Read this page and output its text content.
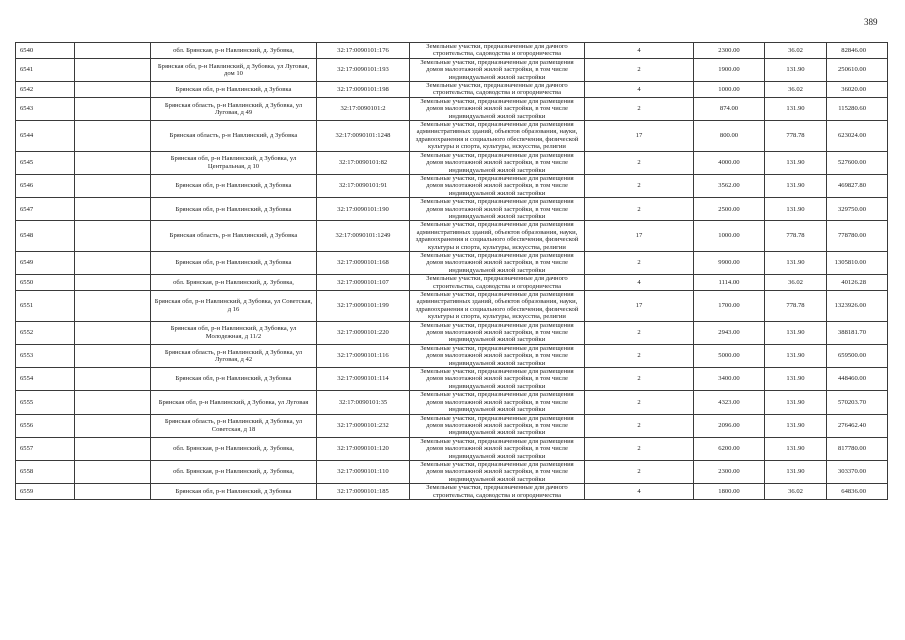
389
6540		обл. Брянская, р-н Навлинский, д. Зубовка,	32:17:0090101:176	Земельные участки, предназначенные для дачного строительства, садоводства и огородничества	4	2300.00	36.02	82846.00
6541		Брянская обл, р-н Навлинский, д Зубовка, ул Луговая, дом 10	32:17:0090101:193	Земельные участки, предназначенные для размещения домов малоэтажной жилой застройки, в том числе индивидуальной жилой застройки	2	1900.00	131.90	250610.00
6542		Брянская обл, р-н Навлинский, д Зубовка	32:17:0090101:198	Земельные участки, предназначенные для дачного строительства, садоводства и огородничества	4	1000.00	36.02	36020.00
6543		Брянская область, р-н Навлинский, д Зубовка, ул Луговая, д 49	32:17:0090101:2	Земельные участки, предназначенные для размещения домов малоэтажной жилой застройки, в том числе индивидуальной жилой застройки	2	874.00	131.90	115280.60
6544		Брянская область, р-н Навлинский, д Зубовка	32:17:0090101:1248	Земельные участки, предназначенные для размещения административных зданий, объектов образования, науки, здравоохранения и социального обеспечения, физической культуры и спорта, культуры, искусства, религии	17	800.00	778.78	623024.00
6545		Брянская обл, р-н Навлинский, д Зубовка, ул Центральная, д 10	32:17:0090101:82	Земельные участки, предназначенные для размещения домов малоэтажной жилой застройки, в том числе индивидуальной жилой застройки	2	4000.00	131.90	527600.00
6546		Брянская обл, р-н Навлинский, д Зубовка	32:17:0090101:91	Земельные участки, предназначенные для размещения домов малоэтажной жилой застройки, в том числе индивидуальной жилой застройки	2	3562.00	131.90	469827.80
6547		Брянская обл, р-н Навлинский, д Зубовка	32:17:0090101:190	Земельные участки, предназначенные для размещения домов малоэтажной жилой застройки, в том числе индивидуальной жилой застройки	2	2500.00	131.90	329750.00
6548		Брянская область, р-н Навлинский, д Зубовка	32:17:0090101:1249	Земельные участки, предназначенные для размещения административных зданий, объектов образования, науки, здравоохранения и социального обеспечения, физической культуры и спорта, культуры, искусства, религии	17	1000.00	778.78	778780.00
6549		Брянская обл, р-н Навлинский, д Зубовка	32:17:0090101:168	Земельные участки, предназначенные для размещения домов малоэтажной жилой застройки, в том числе индивидуальной жилой застройки	2	9900.00	131.90	1305810.00
6550		обл. Брянская, р-н Навлинский, д. Зубовка,	32:17:0090101:107	Земельные участки, предназначенные для дачного строительства, садоводства и огородничества	4	1114.00	36.02	40126.28
6551		Брянская обл, р-н Навлинский, д Зубовка, ул Советская, д 16	32:17:0090101:199	Земельные участки, предназначенные для размещения административных зданий, объектов образования, науки, здравоохранения и социального обеспечения, физической культуры и спорта, культуры, искусства, религии	17	1700.00	778.78	1323926.00
6552		Брянская обл, р-н Навлинский, д Зубовка, ул Молодежная, д 11/2	32:17:0090101:220	Земельные участки, предназначенные для размещения домов малоэтажной жилой застройки, в том числе индивидуальной жилой застройки	2	2943.00	131.90	388181.70
6553		Брянская область, р-н Навлинский, д Зубовка, ул Луговая, д 42	32:17:0090101:116	Земельные участки, предназначенные для размещения домов малоэтажной жилой застройки, в том числе индивидуальной жилой застройки	2	5000.00	131.90	659500.00
6554		Брянская обл, р-н Навлинский, д Зубовка	32:17:0090101:114	Земельные участки, предназначенные для размещения домов малоэтажной жилой застройки, в том числе индивидуальной жилой застройки	2	3400.00	131.90	448460.00
6555		Брянская обл, р-н Навлинский, д Зубовка, ул Луговая	32:17:0090101:35	Земельные участки, предназначенные для размещения домов малоэтажной жилой застройки, в том числе индивидуальной жилой застройки	2	4323.00	131.90	570203.70
6556		Брянская область, р-н Навлинский, д Зубовка, ул Советская, д 18	32:17:0090101:232	Земельные участки, предназначенные для размещения домов малоэтажной жилой застройки, в том числе индивидуальной жилой застройки	2	2096.00	131.90	276462.40
6557		обл. Брянская, р-н Навлинский, д. Зубовка,	32:17:0090101:120	Земельные участки, предназначенные для размещения домов малоэтажной жилой застройки, в том числе индивидуальной жилой застройки	2	6200.00	131.90	817780.00
6558		обл. Брянская, р-н Навлинский, д. Зубовка,	32:17:0090101:110	Земельные участки, предназначенные для размещения домов малоэтажной жилой застройки, в том числе индивидуальной жилой застройки	2	2300.00	131.90	303370.00
6559		Брянская обл, р-н Навлинский, д Зубовка	32:17:0090101:185	Земельные участки, предназначенные для дачного строительства, садоводства и огородничества	4	1800.00	36.02	64836.00
